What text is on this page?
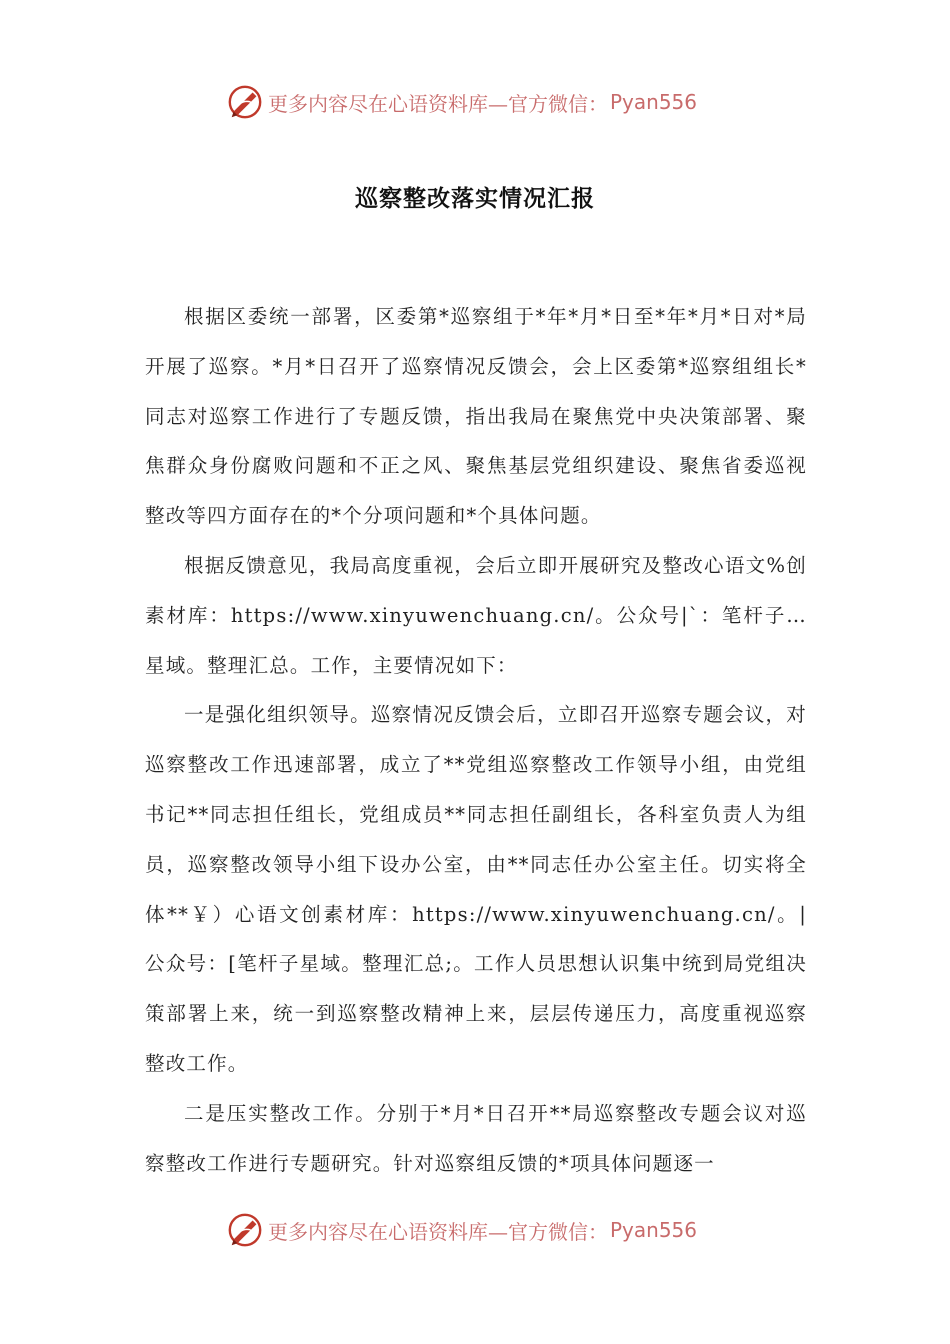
更多内容尽在心语资料库—官方微信： Pyan556
巡察整改落实情况汇报

根据区委统一部署，区委第*巡察组于*年*月*日至*年*月*日对*局开展了巡察。*月*日召开了巡察情况反馈会，会上区委第*巡察组组长*同志对巡察工作进行了专题反馈，指出我局在聚焦党中央决策部署、聚焦群众身份腐败问题和不正之风、聚焦基层党组织建设、聚焦省委巡视整改等四方面存在的*个分项问题和*个具体问题。

根据反馈意见，我局高度重视，会后立即开展研究及整改心语文%创素材库：https://www.xinyuwenchuang.cn/。公众号|`：笔杆子…星域。整理汇总。工作，主要情况如下：

一是强化组织领导。巡察情况反馈会后，立即召开巡察专题会议，对巡察整改工作迅速部署，成立了**党组巡察整改工作领导小组，由党组书记**同志担任组长，党组成员**同志担任副组长，各科室负责人为组员，巡察整改领导小组下设办公室，由**同志任办公室主任。切实将全体**￥）心语文创素材库：https://www.xinyuwenchuang.cn/。|公众号：[笔杆子星域。整理汇总;。工作人员思想认识集中统到局党组决策部署上来，统一到巡察整改精神上来，层层传递压力，高度重视巡察整改工作。

二是压实整改工作。分别于*月*日召开**局巡察整改专题会议对巡察整改工作进行专题研究。针对巡察组反馈的*项具体问题逐一

更多内容尽在心语资料库—官方微信： Pyan556
